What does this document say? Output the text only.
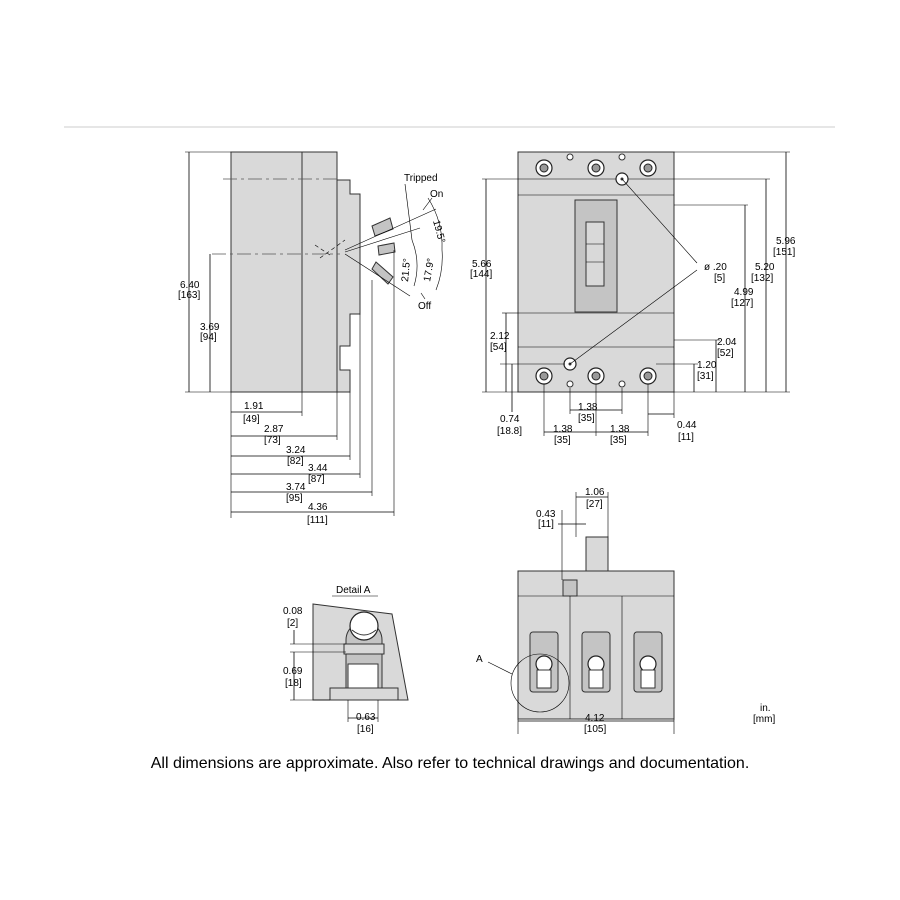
Tripped
On
Off
19.5°
21.5° 17.9°
6.40
[163]
3.69
[94]
1.91
[49]
2.87
[73]
3.24
[82]
3.44
[87]
3.74
[95]
4.36
[111]
ø .20
[5]
5.66
[144]
2.12
[54]
0.74
[18.8]
5.96
[151]
5.20
[132]
4.99
[127]
2.04
[52]
1.20
[31]
1.38
[35]
1.38
[35]
1.38
[35]
0.44
[11]
A
1.06
[27]
0.43
[11]
4.12
[105]
Detail A
0.08
[2]
0.69
[18]
0.63
[16]
in.
[mm]
All dimensions are approximate. Also refer to technical drawings and documentation.
